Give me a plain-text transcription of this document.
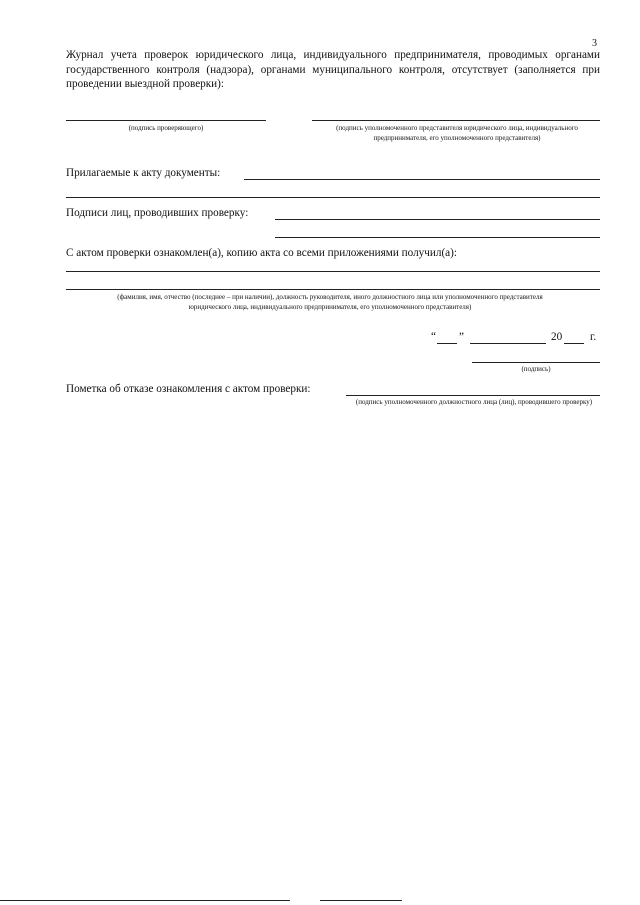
3
Журнал учета проверок юридического лица, индивидуального предпринимателя, проводимых органами государственного контроля (надзора), органами муниципального контроля, отсутствует (заполняется при проведении выездной проверки):
(подпись проверяющего)	(подпись уполномоченного представителя юридического лица, индивидуального предпринимателя, его уполномоченного представителя)
Прилагаемые к акту документы:
Подписи лиц, проводивших проверку:
С актом проверки ознакомлен(а), копию акта со всеми приложениями получил(а):
(фамилия, имя, отчество (последнее – при наличии), должность руководителя, иного должностного лица или уполномоченного представителя юридического лица, индивидуального предпринимателя, его уполномоченного представителя)
“ ”	20 г.
(подпись)
Пометка об отказе ознакомления с актом проверки:
(подпись уполномоченного должностного лица (лиц), проводившего проверку)
